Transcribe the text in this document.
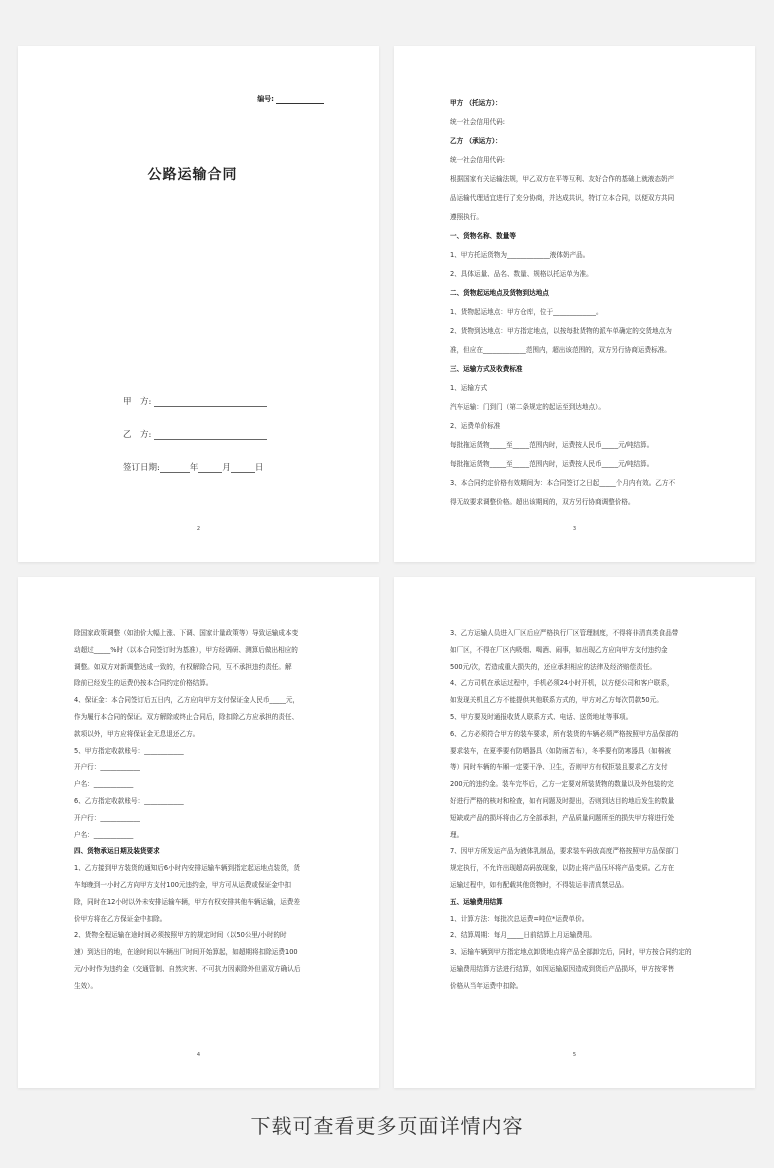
编号:
公路运输合同
甲　方:
乙　方:
签订日期:	年	月	日
2

甲方 （托运方）：

统一社会信用代码:

乙方 （承运方）：

统一社会信用代码:

根据国家有关运输法规，甲乙双方在平等互利、友好合作的基础上就液态奶产

品运输代理适宜进行了充分协商，并达成共识，特订立本合同，以便双方共同

遵照执行。

一、货物名称、数量等

1、甲方托运货物为_____________液体奶产品。

2、具体运量、品名、数量、规格以托运单为准。

二、货物起运地点及货物到达地点

1、货物起运地点：甲方仓库，位于_____________。

2、货物到达地点：甲方指定地点，以按每批货物的派车单确定的交货地点为

准，但应在_____________范围内，超出该范围的，双方另行协商运费标准。

三、运输方式及收费标准

1、运输方式

汽车运输：门到门（第二条规定的起运至到达地点）。

2、运费单价标准

每批拖运货物_____至_____范围内时，运费按人民币_____元/吨结算。

每批拖运货物_____至_____范围内时，运费按人民币_____元/吨结算。

3、本合同约定价格有效期间为：本合同签订之日起_____个月内有效。乙方不

得无故要求调整价格。超出该期间的，双方另行协商调整价格。

3

除国家政策调整（如油价大幅上涨、下调、国家计量政策等）导致运输成本变

动超过_____%时（以本合同签订时为基准），甲方经调研、测算后做出相应的

调整。如双方对新调整达成一致的，有权解除合同，互不承担违约责任。解

除前已经发生的运费仍按本合同约定价格结算。

4、保证金：本合同签订后五日内，乙方应向甲方支付保证金人民币_____元，

作为履行本合同的保证。双方解除或终止合同后，除扣除乙方应承担的责任、

款项以外，甲方应将保证金无息退还乙方。

5、甲方指定收款账号：____________

开户行：____________

户名：____________

6、乙方指定收款账号：____________

开户行：____________

户名：____________

四、货物承运日期及装货要求

1、乙方接到甲方装货的通知后6小时内安排运输车辆到指定起运地点装货，货

车每晚到一小时乙方向甲方支付100元违约金，甲方可从运费或保证金中扣

除，同时在12小时以外未安排运输车辆，甲方有权安排其他车辆运输，运费差

价甲方将在乙方保证金中扣除。

2、货物全程运输在途时间必须按照甲方的规定时间（以50公里/小时的时

速）到达目的地，在途时间以车辆出厂时间开始算起，如超期将扣除运费100

元/小时作为违约金（交通管制、自然灾害、不可抗力因素除外但需双方确认后

生效）。

4

3、乙方运输人员进入厂区后应严格执行厂区管理制度，不得将非清真类食品带

如厂区，不得在厂区内吸烟、喝酒、闹事，如出现乙方应向甲方支付违约金

500元/次，若造成重大损失的，还应承担相应的法律及经济赔偿责任。

4、乙方司机在承运过程中，手机必须24小时开机，以方便公司和客户联系，

如发现关机且乙方不能提供其他联系方式的，甲方对乙方每次罚款50元。

5、甲方要及时通报收货人联系方式、电话、送货地址等事项。

6、乙方必须符合甲方的装车要求，所有装货的车辆必须严格按照甲方品保部的

要求装车，在夏季要有防晒器具（如防雨苫布），冬季要有防寒器具（如棉被

等）同时车辆的车厢一定要干净、卫生，否则甲方有权拒装且要求乙方支付

200元的违约金。装车完毕后，乙方一定要对所装货物的数量以及外包装的完

好进行严格的核对和检查，如有问题及时提出，否则到达目的地后发生的数量

短缺或产品的损坏将由乙方全部承担，产品质量问题所至的损失甲方将进行处

理。

7、因甲方所发运产品为液体乳制品，要求装车码放高度严格按照甲方品保部门

规定执行，不允许出现超高码放现象，以防止将产品压坏将产品变质。乙方在

运输过程中，如有配载其他货物时，不得装运非清真禁忌品。

五、运输费用结算

1、计算方法：每批次总运费=吨位*运费单价。

2、结算周期：每月_____日前结算上月运输费用。

3、运输车辆到甲方指定地点卸货地点将产品全部卸完后，同时，甲方按合同约定的

运输费用结算方法进行结算，如因运输原因造成到货后产品损坏，甲方按零售

价格从当年运费中扣除。

5
下载可查看更多页面详情内容
